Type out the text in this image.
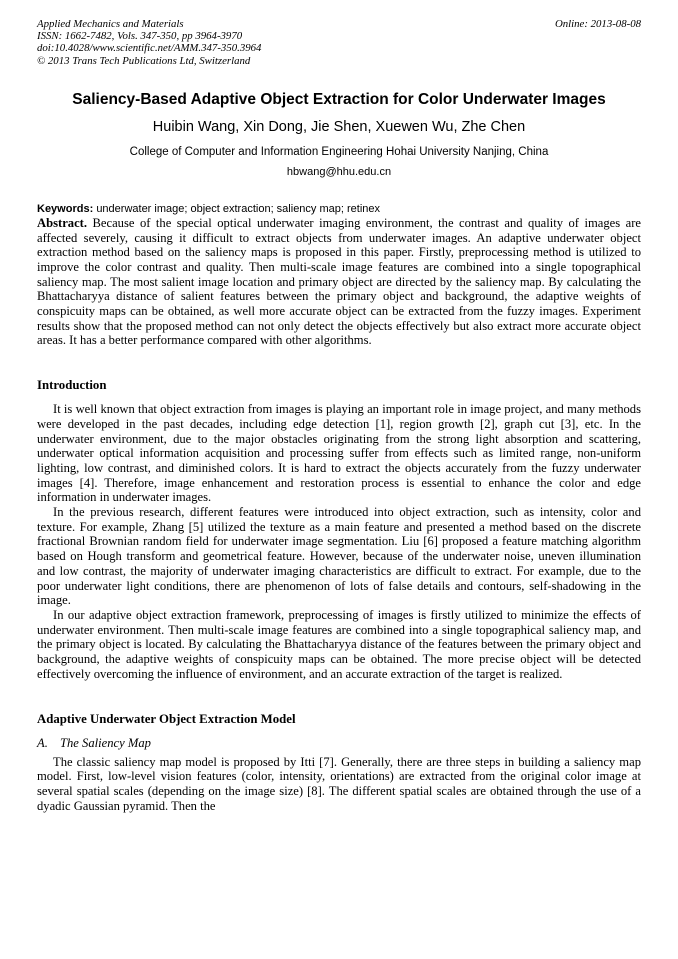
Applied Mechanics and Materials
ISSN: 1662-7482, Vols. 347-350, pp 3964-3970
doi:10.4028/www.scientific.net/AMM.347-350.3964
© 2013 Trans Tech Publications Ltd, Switzerland
Online: 2013-08-08
Saliency-Based Adaptive Object Extraction for Color Underwater Images
Huibin Wang, Xin Dong, Jie Shen, Xuewen Wu, Zhe Chen
College of Computer and Information Engineering Hohai University Nanjing, China
hbwang@hhu.edu.cn
Keywords: underwater image; object extraction; saliency map; retinex

Abstract. Because of the special optical underwater imaging environment, the contrast and quality of images are affected severely, causing it difficult to extract objects from underwater images. An adaptive underwater object extraction method based on the saliency maps is proposed in this paper. Firstly, preprocessing method is utilized to improve the color contrast and quality. Then multi-scale image features are combined into a single topographical saliency map. The most salient image location and primary object are directed by the saliency map. By calculating the Bhattacharyya distance of salient features between the primary object and background, the adaptive weights of conspicuity maps can be obtained, as well more accurate object can be extracted from the fuzzy images. Experiment results show that the proposed method can not only detect the objects effectively but also extract more accurate object areas. It has a better performance compared with other algorithms.

Introduction

It is well known that object extraction from images is playing an important role in image project, and many methods were developed in the past decades, including edge detection [1], region growth [2], graph cut [3], etc. In the underwater environment, due to the major obstacles originating from the strong light absorption and scattering, underwater optical information acquisition and processing suffer from effects such as limited range, non-uniform lighting, low contrast, and diminished colors. It is hard to extract the objects accurately from the fuzzy underwater images [4]. Therefore, image enhancement and restoration process is essential to enhance the color and edge information in underwater images.

In the previous research, different features were introduced into object extraction, such as intensity, color and texture. For example, Zhang [5] utilized the texture as a main feature and presented a method based on the discrete fractional Brownian random field for underwater image segmentation. Liu [6] proposed a feature matching algorithm based on Hough transform and geometrical feature. However, because of the underwater noise, uneven illumination and low contrast, the majority of underwater imaging characteristics are difficult to extract. For example, due to the poor underwater light conditions, there are phenomenon of lots of false details and contours, self-shadowing in the image.

In our adaptive object extraction framework, preprocessing of images is firstly utilized to minimize the effects of underwater environment. Then multi-scale image features are combined into a single topographical saliency map, and the primary object is located. By calculating the Bhattacharyya distance of the features between the primary object and background, the adaptive weights of conspicuity maps can be obtained. The more precise object will be detected effectively overcoming the influence of environment, and an accurate extraction of the target is realized.

Adaptive Underwater Object Extraction Model
A. The Saliency Map

The classic saliency map model is proposed by Itti [7]. Generally, there are three steps in building a saliency map model. First, low-level vision features (color, intensity, orientations) are extracted from the original color image at several spatial scales (depending on the image size) [8]. The different spatial scales are obtained through the use of a dyadic Gaussian pyramid. Then the
